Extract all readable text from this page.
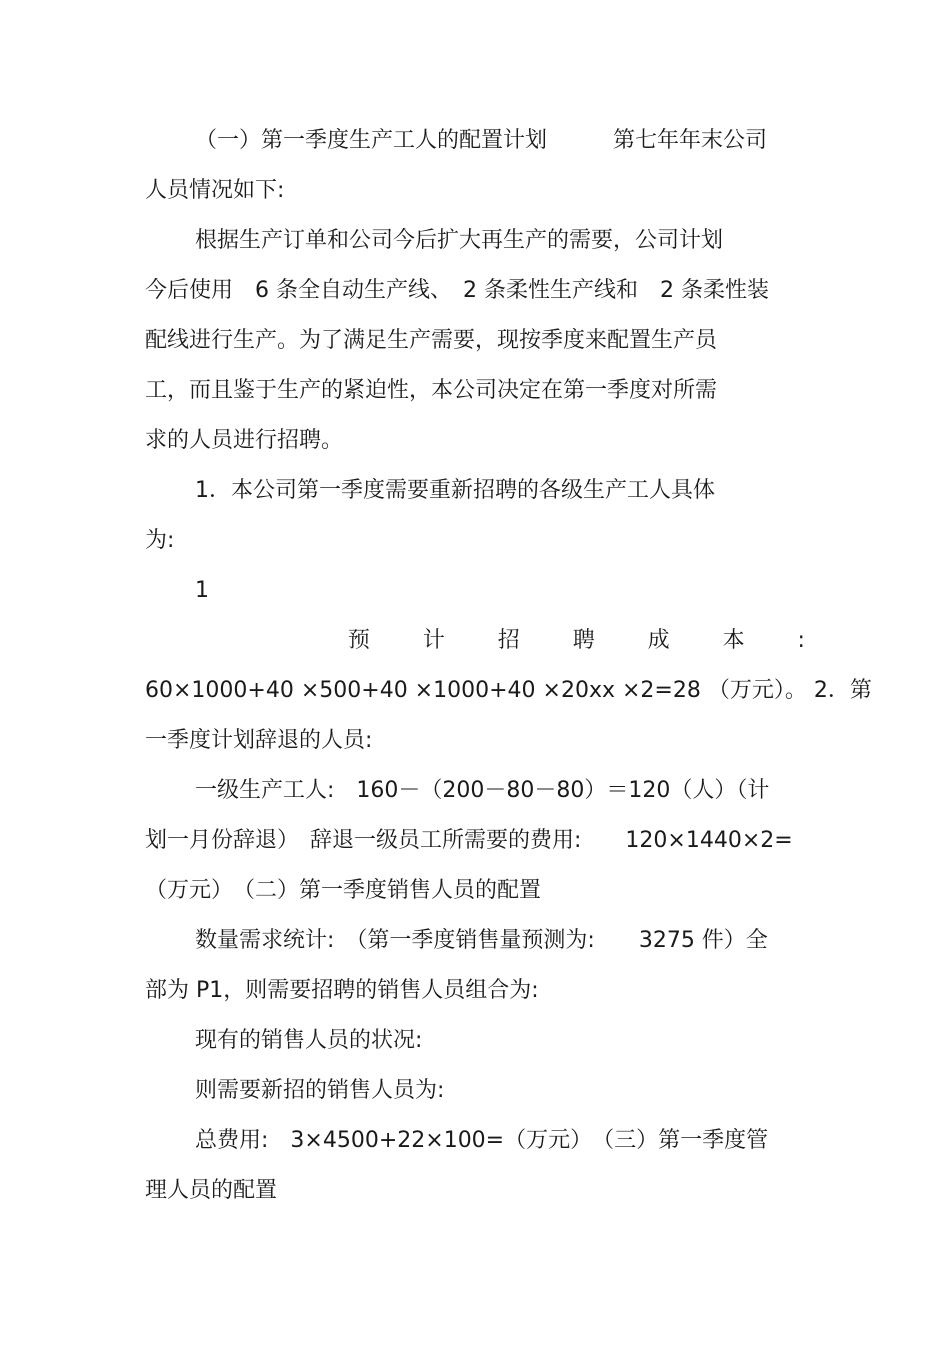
（一）第一季度生产工人的配置计划　　　第七年年末公司
人员情况如下:
根据生产订单和公司今后扩大再生产的需要，公司计划
今后使用　6 条全自动生产线、　2 条柔性生产线和　2 条柔性装
配线进行生产。为了满足生产需要，现按季度来配置生产员
工，而且鉴于生产的紧迫性，本公司决定在第一季度对所需
求的人员进行招聘。
1．本公司第一季度需要重新招聘的各级生产工人具体
为:
1
预 计 招 聘 成 本 :
60×1000+40 ×500+40 ×1000+40 ×20xx ×2=28 （万元）。 2．第
一季度计划辞退的人员:
一级生产工人:　160－（200－80－80）＝120（人）（计
划一月份辞退）　辞退一级员工所需要的费用:　　120×1440×2=
（万元）　（二）第一季度销售人员的配置
数量需求统计:　（第一季度销售量预测为:　　3275 件）全
部为 P1，则需要招聘的销售人员组合为:
现有的销售人员的状况:
则需要新招的销售人员为:
总费用:　3×4500+22×100=（万元）　（三）第一季度管
理人员的配置
